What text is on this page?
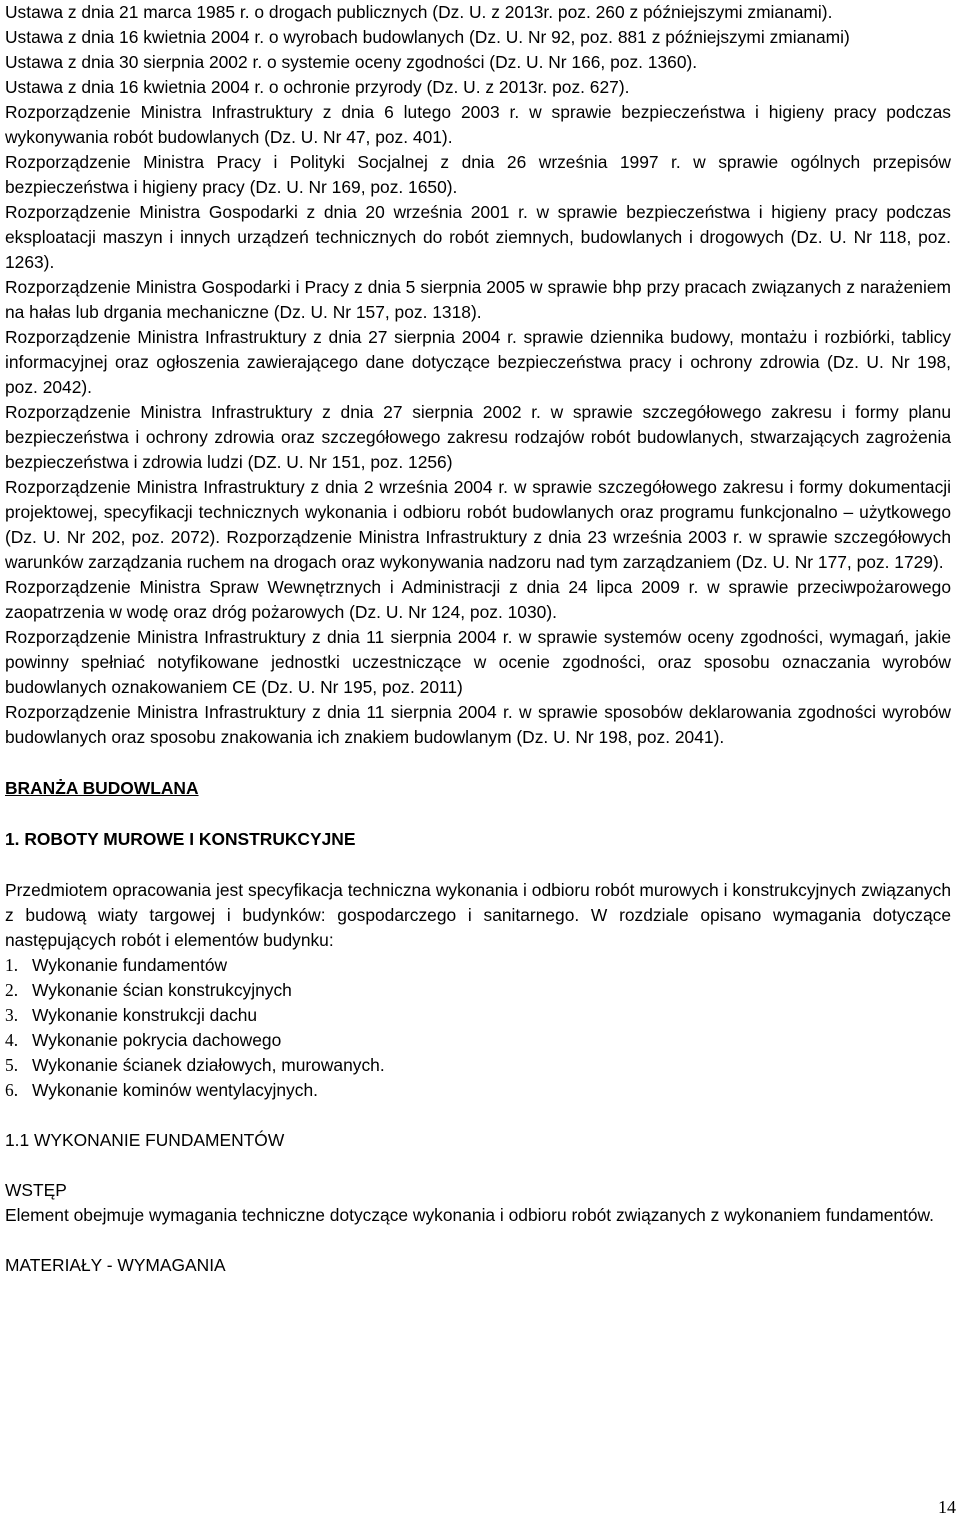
Ustawa z dnia 21 marca 1985 r. o drogach publicznych (Dz. U. z 2013r. poz. 260 z późniejszymi zmianami).

Ustawa z dnia 16 kwietnia 2004 r. o wyrobach budowlanych (Dz. U. Nr 92, poz. 881 z późniejszymi zmianami)

Ustawa z dnia 30 sierpnia 2002 r. o systemie oceny zgodności (Dz. U. Nr 166, poz. 1360).

Ustawa z dnia 16 kwietnia 2004 r. o ochronie przyrody (Dz. U. z 2013r. poz. 627).

Rozporządzenie Ministra Infrastruktury z dnia 6 lutego 2003 r. w sprawie bezpieczeństwa i higieny pracy podczas wykonywania robót budowlanych (Dz. U. Nr 47, poz. 401).

Rozporządzenie Ministra Pracy i Polityki Socjalnej z dnia 26 września 1997 r. w sprawie ogólnych przepisów bezpieczeństwa i higieny pracy (Dz. U. Nr 169, poz. 1650).

Rozporządzenie Ministra Gospodarki z dnia 20 września 2001 r. w sprawie bezpieczeństwa i higieny pracy podczas eksploatacji maszyn i innych urządzeń technicznych do robót ziemnych, budowlanych i drogowych (Dz. U. Nr 118, poz. 1263).

Rozporządzenie Ministra Gospodarki i Pracy z dnia 5 sierpnia 2005 w sprawie bhp przy pracach związanych z narażeniem na hałas lub drgania mechaniczne (Dz. U. Nr 157, poz. 1318).

Rozporządzenie Ministra Infrastruktury z dnia 27 sierpnia 2004 r. sprawie dziennika budowy, montażu i rozbiórki, tablicy informacyjnej oraz ogłoszenia zawierającego dane dotyczące bezpieczeństwa pracy i ochrony zdrowia (Dz. U. Nr 198, poz. 2042).

Rozporządzenie Ministra Infrastruktury z dnia 27 sierpnia 2002 r. w sprawie szczegółowego zakresu i formy planu bezpieczeństwa i ochrony zdrowia oraz szczegółowego zakresu rodzajów robót budowlanych, stwarzających zagrożenia bezpieczeństwa i zdrowia ludzi (DZ. U. Nr 151, poz. 1256)

Rozporządzenie Ministra Infrastruktury z dnia 2 września 2004 r. w sprawie szczegółowego zakresu i formy dokumentacji projektowej, specyfikacji technicznych wykonania i odbioru robót budowlanych oraz programu funkcjonalno – użytkowego (Dz. U. Nr 202, poz. 2072). Rozporządzenie Ministra Infrastruktury z dnia 23 września 2003 r. w sprawie szczegółowych warunków zarządzania ruchem na drogach oraz wykonywania nadzoru nad tym zarządzaniem (Dz. U. Nr 177, poz. 1729).

Rozporządzenie Ministra Spraw Wewnętrznych i Administracji z dnia 24 lipca 2009 r. w sprawie przeciwpożarowego zaopatrzenia w wodę oraz dróg pożarowych (Dz. U. Nr 124, poz. 1030).

Rozporządzenie Ministra Infrastruktury z dnia 11 sierpnia 2004 r. w sprawie systemów oceny zgodności, wymagań, jakie powinny spełniać notyfikowane jednostki uczestniczące w ocenie zgodności, oraz sposobu oznaczania wyrobów budowlanych oznakowaniem CE (Dz. U. Nr 195, poz. 2011)

Rozporządzenie Ministra Infrastruktury z dnia 11 sierpnia 2004 r. w sprawie sposobów deklarowania zgodności wyrobów budowlanych oraz sposobu znakowania ich znakiem budowlanym (Dz. U. Nr 198, poz. 2041).

BRANŻA BUDOWLANA

1. ROBOTY MUROWE I KONSTRUKCYJNE

Przedmiotem opracowania jest specyfikacja techniczna wykonania i odbioru robót murowych i konstrukcyjnych związanych z budową wiaty targowej i budynków: gospodarczego i sanitarnego. W rozdziale opisano wymagania dotyczące następujących robót i elementów budynku:

1. Wykonanie fundamentów
2. Wykonanie ścian konstrukcyjnych
3. Wykonanie konstrukcji dachu
4. Wykonanie pokrycia dachowego
5. Wykonanie ścianek działowych, murowanych.
6. Wykonanie kominów wentylacyjnych.

1.1 WYKONANIE FUNDAMENTÓW

WSTĘP

Element obejmuje wymagania techniczne dotyczące wykonania i odbioru robót związanych z wykonaniem fundamentów.

MATERIAŁY - WYMAGANIA

14
